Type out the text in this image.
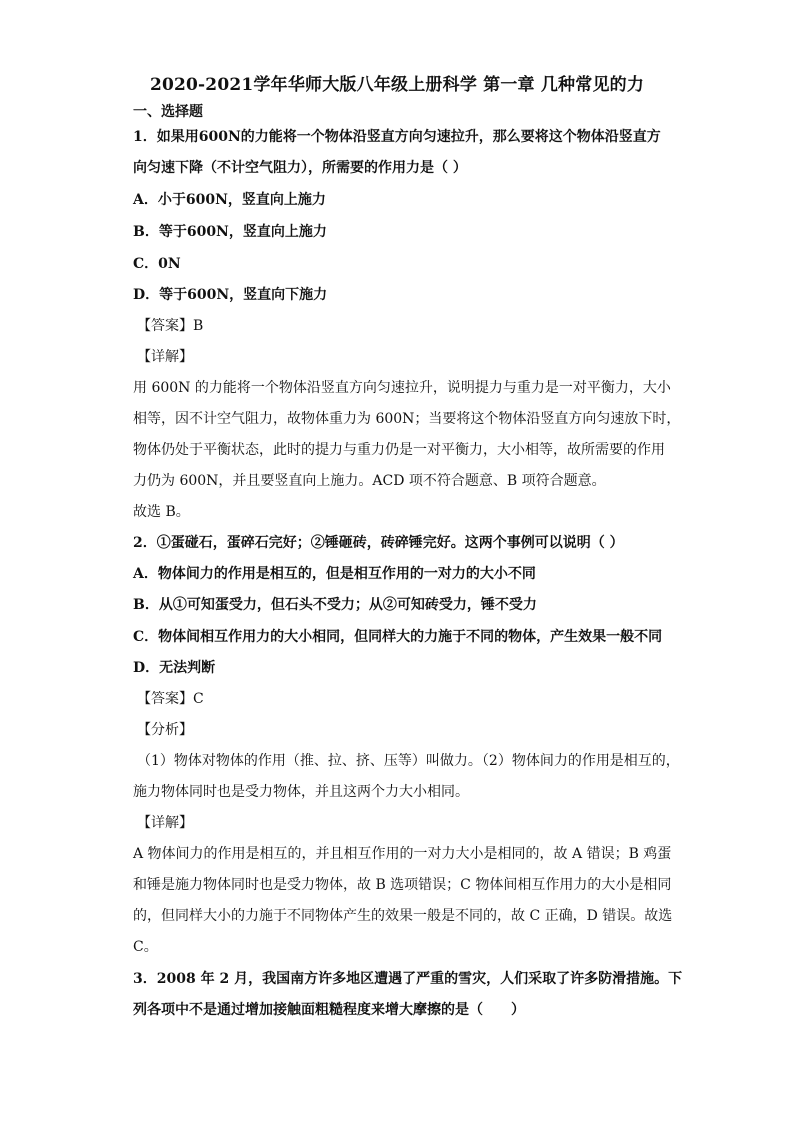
2020-2021学年华师大版八年级上册科学 第一章 几种常见的力
一、选择题
1．如果用600N的力能将一个物体沿竖直方向匀速拉升，那么要将这个物体沿竖直方
向匀速下降（不计空气阻力），所需要的作用力是（ ）
A．小于600N，竖直向上施力
B．等于600N，竖直向上施力
C．0N
D．等于600N，竖直向下施力
【答案】B
【详解】
用 600N 的力能将一个物体沿竖直方向匀速拉升，说明提力与重力是一对平衡力，大小
相等，因不计空气阻力，故物体重力为 600N；当要将这个物体沿竖直方向匀速放下时，
物体仍处于平衡状态，此时的提力与重力仍是一对平衡力，大小相等，故所需要的作用
力仍为 600N，并且要竖直向上施力。ACD 项不符合题意、B 项符合题意。
故选 B。
2．①蛋碰石，蛋碎石完好；②锤砸砖，砖碎锤完好。这两个事例可以说明（ ）
A．物体间力的作用是相互的，但是相互作用的一对力的大小不同
B．从①可知蛋受力，但石头不受力；从②可知砖受力，锤不受力
C．物体间相互作用力的大小相同，但同样大的力施于不同的物体，产生效果一般不同
D．无法判断
【答案】C
【分析】
（1）物体对物体的作用（推、拉、挤、压等）叫做力。（2）物体间力的作用是相互的，
施力物体同时也是受力物体，并且这两个力大小相同。
【详解】
A 物体间力的作用是相互的，并且相互作用的一对力大小是相同的，故 A 错误；B 鸡蛋
和锤是施力物体同时也是受力物体，故 B 选项错误；C 物体间相互作用力的大小是相同
的，但同样大小的力施于不同物体产生的效果一般是不同的，故 C 正确，D 错误。故选
C。
3．2008 年 2 月，我国南方许多地区遭遇了严重的雪灾，人们采取了许多防滑措施。下
列各项中不是通过增加接触面粗糙程度来增大摩擦的是（　　）
